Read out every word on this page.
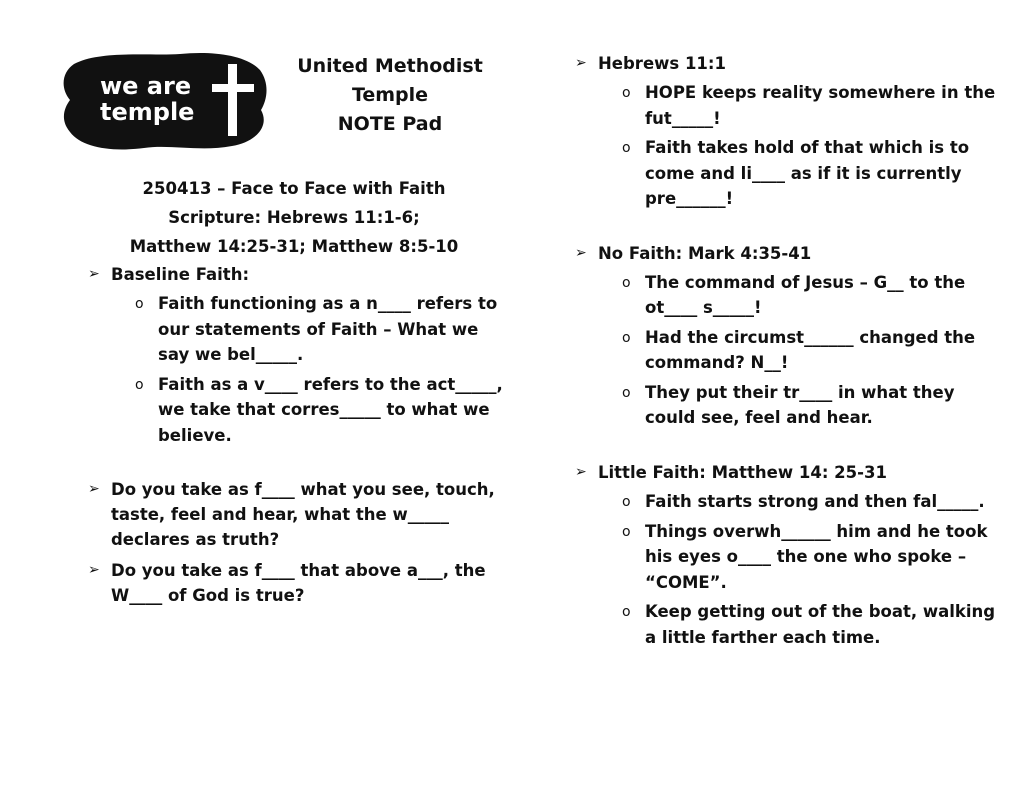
we are
temple
United Methodist
Temple
NOTE Pad
250413 – Face to Face with Faith
Scripture: Hebrews 11:1-6;
Matthew 14:25-31; Matthew 8:5-10
➢ Baseline Faith:
o Faith functioning as a n____ refers to our statements of Faith – What we say we bel_____.
o Faith as a v____ refers to the act_____, we take that corres_____ to what we believe.
➢ Do you take as f____ what you see, touch, taste, feel and hear, what the w_____ declares as truth?
➢ Do you take as f____ that above a___, the W____ of God is true?
➢ Hebrews 11:1
o HOPE keeps reality somewhere in the fut_____!
o Faith takes hold of that which is to come and li____ as if it is currently pre______!
➢ No Faith: Mark 4:35-41
o The command of Jesus – G__ to the ot____ s_____!
o Had the circumst______ changed the command? N__!
o They put their tr____ in what they could see, feel and hear.
➢ Little Faith: Matthew 14: 25-31
o Faith starts strong and then fal_____.
o Things overwh______ him and he took his eyes o____ the one who spoke – “COME”.
o Keep getting out of the boat, walking a little farther each time.
